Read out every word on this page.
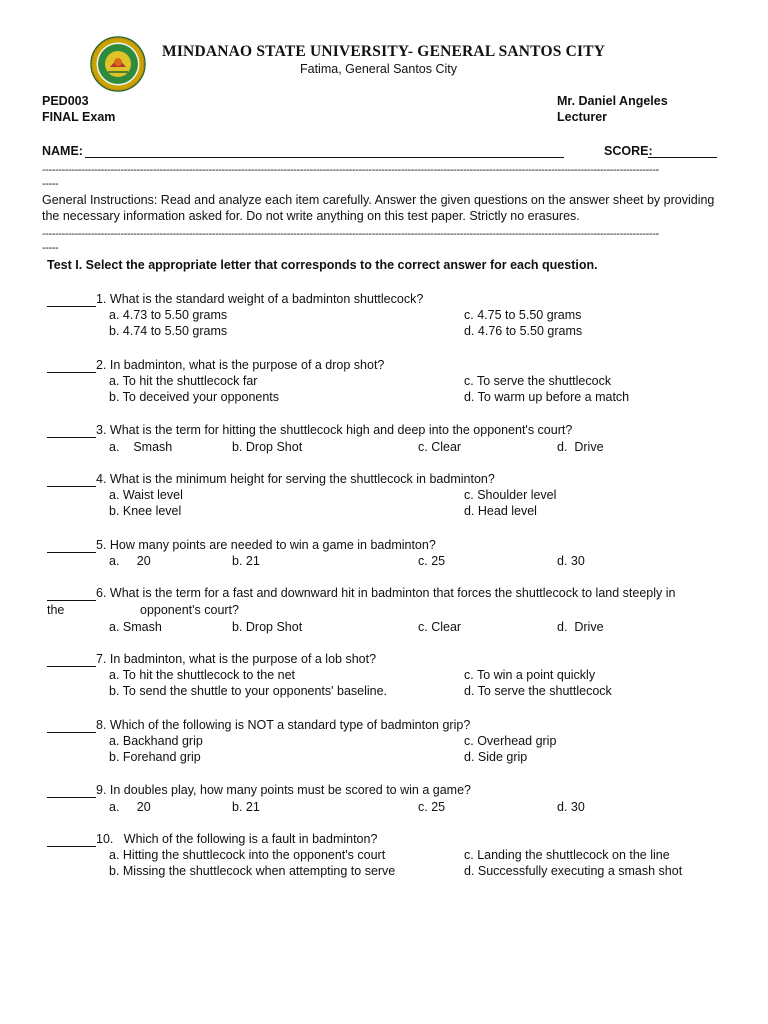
MINDANAO STATE UNIVERSITY- GENERAL SANTOS CITY
Fatima, General Santos City
PED003
FINAL Exam
Mr. Daniel Angeles
Lecturer
NAME:	SCORE:
---------------------------------------------------------------------------------------------------------------------------------------------------------------------------------------------
-----
General Instructions: Read and analyze each item carefully. Answer the given questions on the answer sheet by providing the necessary information asked for. Do not write anything on this test paper. Strictly no erasures.
---------------------------------------------------------------------------------------------------------------------------------------------------------------------------------------------
-----
Test I. Select the appropriate letter that corresponds to the correct answer for each question.
1. What is the standard weight of a badminton shuttlecock?
a. 4.73 to 5.50 grams
b. 4.74 to 5.50 grams
c. 4.75 to 5.50 grams
d. 4.76 to 5.50 grams
2. In badminton, what is the purpose of a drop shot?
a. To hit the shuttlecock far
b. To deceived your opponents
c. To serve the shuttlecock
d. To warm up before a match
3. What is the term for hitting the shuttlecock high and deep into the opponent's court?
a.    Smash	b. Drop Shot	c. Clear	d.  Drive
4. What is the minimum height for serving the shuttlecock in badminton?
a. Waist level
b. Knee level
c. Shoulder level
d. Head level
5. How many points are needed to win a game in badminton?
a.     20	b. 21	c. 25	d. 30
6. What is the term for a fast and downward hit in badminton that forces the shuttlecock to land steeply in
the	opponent's court?
a. Smash	b. Drop Shot	c. Clear	d.  Drive
7. In badminton, what is the purpose of a lob shot?
a. To hit the shuttlecock to the net
b. To send the shuttle to your opponents' baseline.
c. To win a point quickly
d. To serve the shuttlecock
8. Which of the following is NOT a standard type of badminton grip?
a. Backhand grip
b. Forehand grip
c. Overhead grip
d. Side grip
9. In doubles play, how many points must be scored to win a game?
a.     20	b. 21	c. 25	d. 30
10.   Which of the following is a fault in badminton?
a. Hitting the shuttlecock into the opponent's court
b. Missing the shuttlecock when attempting to serve
c. Landing the shuttlecock on the line
d. Successfully executing a smash shot
